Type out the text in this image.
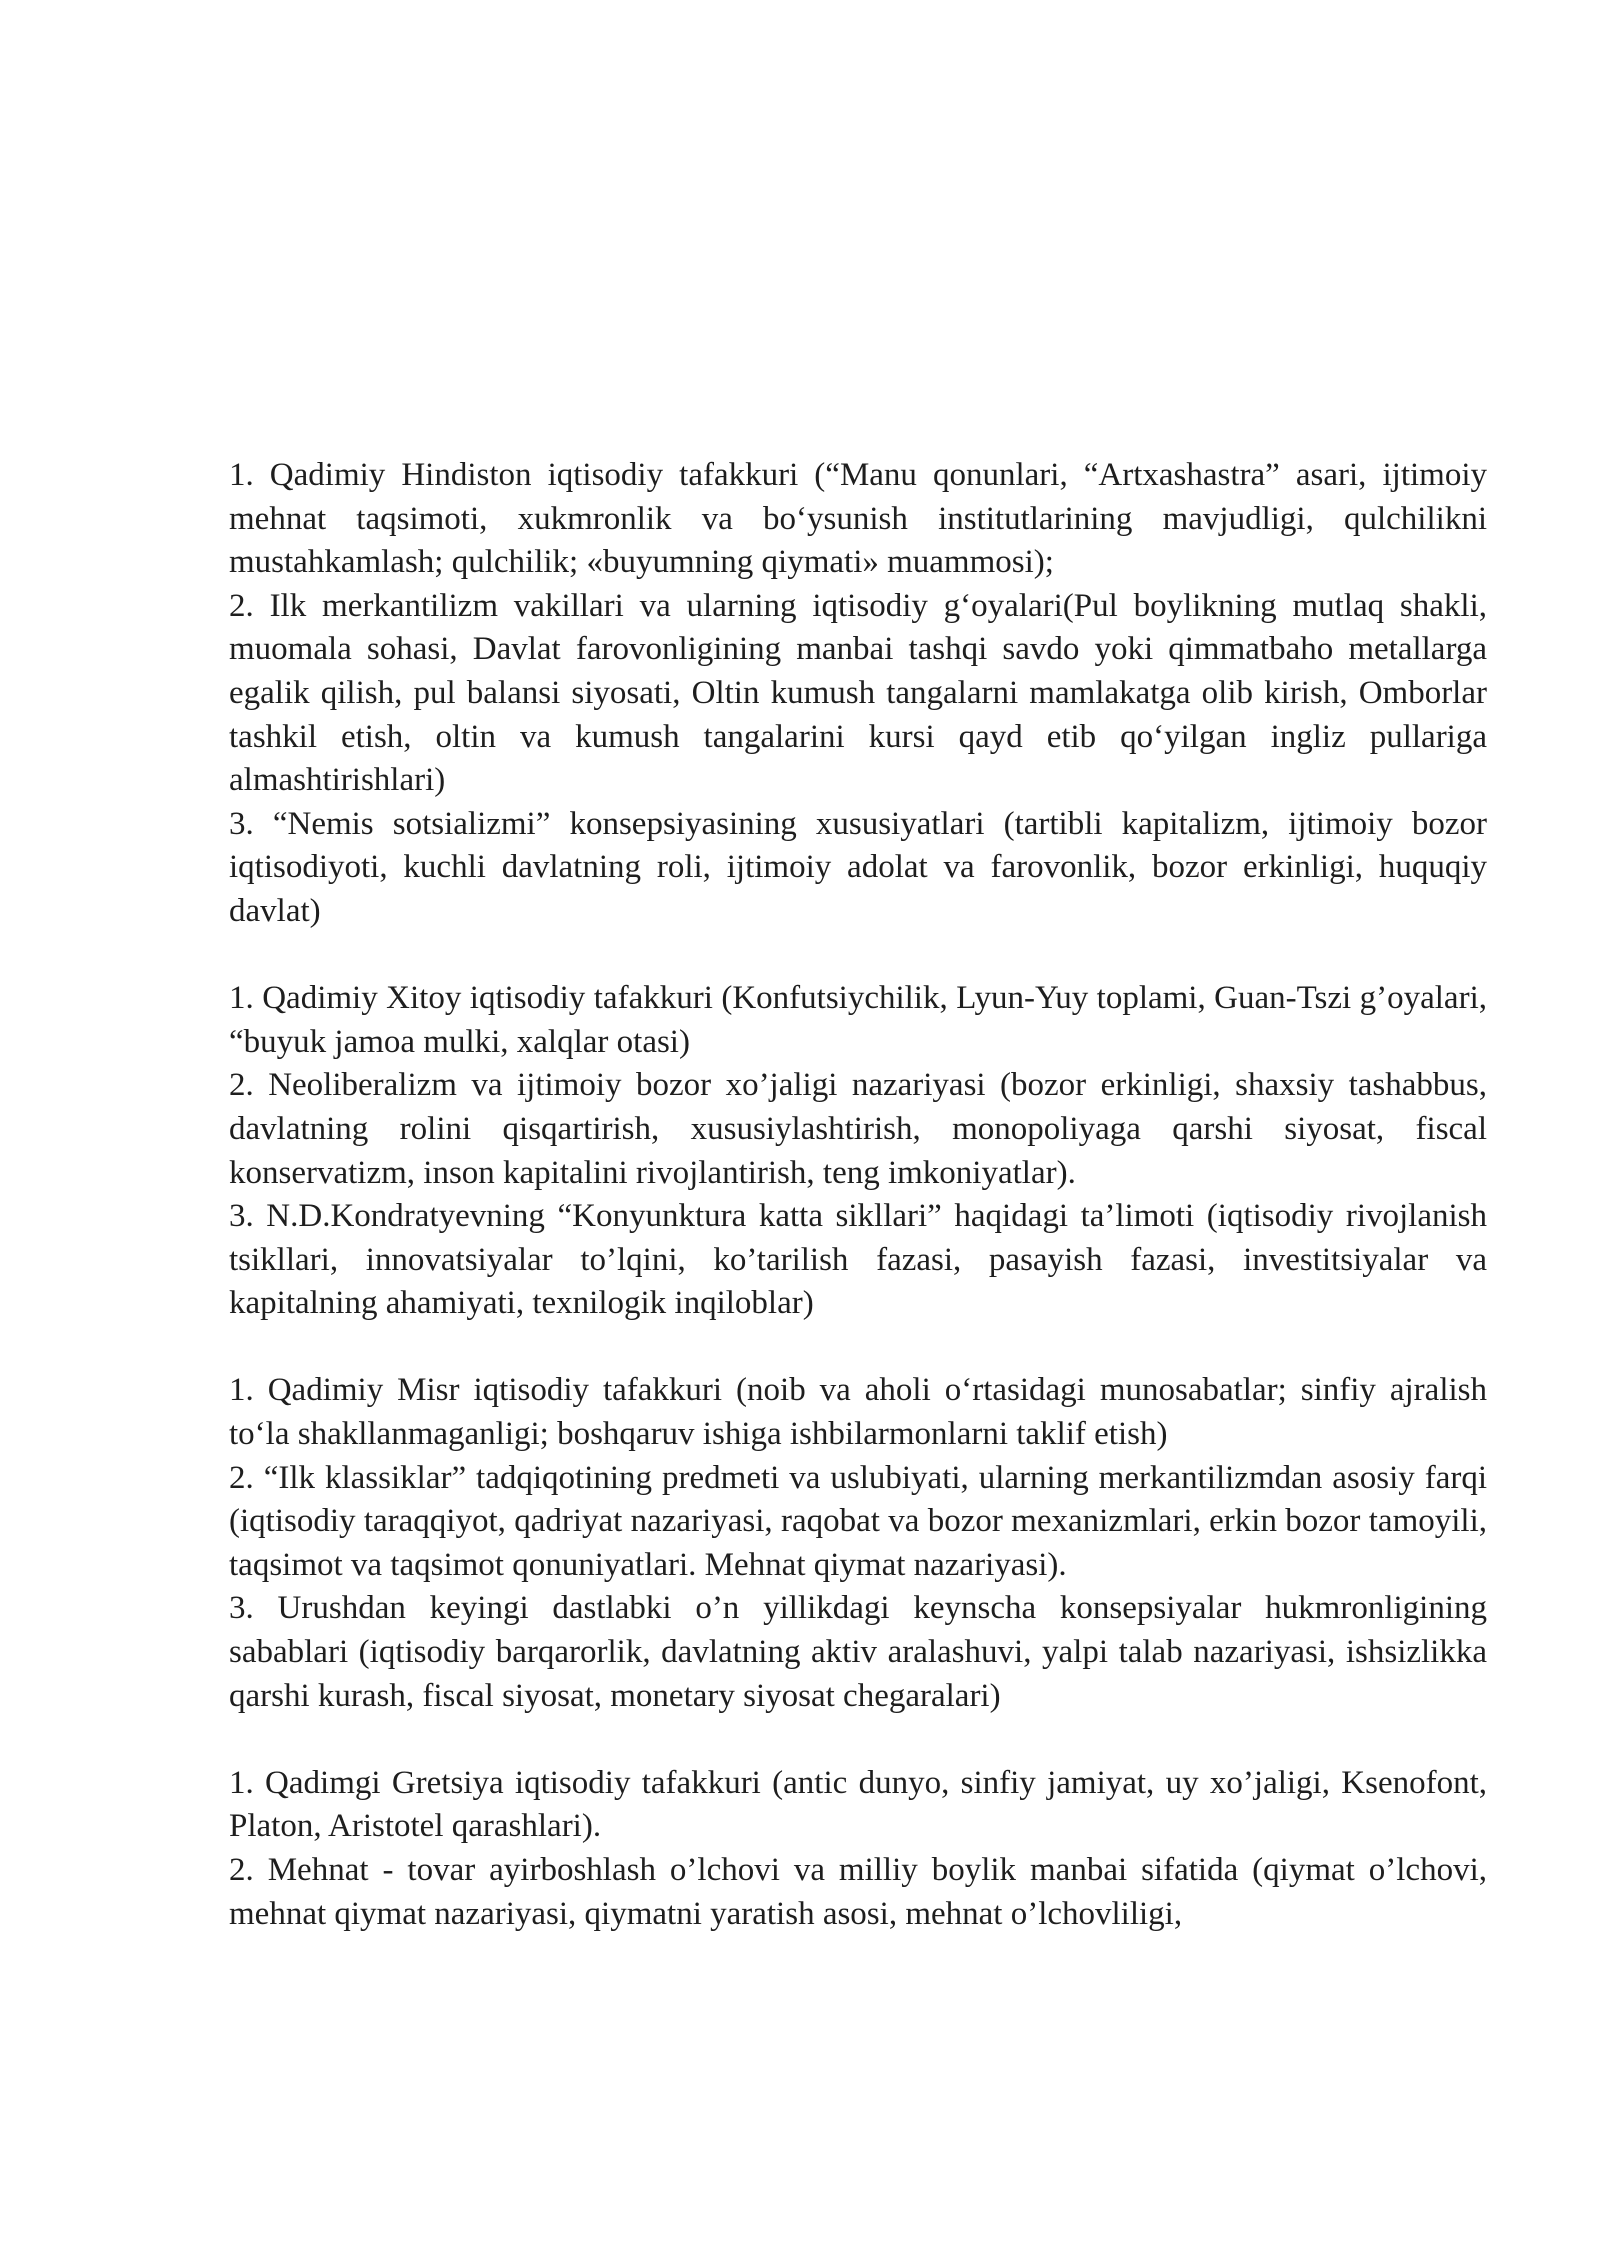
1. Qadimiy Hindiston iqtisodiy tafakkuri (“Manu qonunlari, “Artxashastra” asari, ijtimoiy mehnat taqsimoti, xukmronlik va bo‘ysunish institutlarining mavjudligi, qulchilikni mustahkamlash; qulchilik; «buyumning qiymati» muammosi);

2. Ilk merkantilizm vakillari va ularning iqtisodiy g‘oyalari(Pul boylikning mutlaq shakli, muomala sohasi, Davlat farovonligining manbai tashqi savdo yoki qimmatbaho metallarga egalik qilish, pul balansi siyosati, Oltin kumush tangalarni mamlakatga olib kirish, Omborlar tashkil etish, oltin va kumush tangalarini kursi qayd etib qo‘yilgan ingliz pullariga almashtirishlari)

3. “Nemis sotsializmi” konsepsiyasining xususiyatlari (tartibli kapitalizm, ijtimoiy bozor iqtisodiyoti, kuchli davlatning roli, ijtimoiy adolat va farovonlik, bozor erkinligi, huquqiy davlat)

1. Qadimiy Xitoy iqtisodiy tafakkuri (Konfutsiychilik, Lyun-Yuy toplami, Guan-Tszi g’oyalari, “buyuk jamoa mulki, xalqlar otasi)

2. Neoliberalizm va ijtimoiy bozor xo’jaligi nazariyasi (bozor erkinligi, shaxsiy tashabbus, davlatning rolini qisqartirish, xususiylashtirish, monopoliyaga qarshi siyosat, fiscal konservatizm, inson kapitalini rivojlantirish, teng imkoniyatlar).

3. N.D.Kondratyevning “Konyunktura katta sikllari” haqidagi ta’limoti (iqtisodiy rivojlanish tsikllari, innovatsiyalar to’lqini, ko’tarilish fazasi, pasayish fazasi, investitsiyalar va kapitalning ahamiyati, texnilogik inqiloblar)

1. Qadimiy Misr iqtisodiy tafakkuri (noib va aholi o‘rtasidagi munosabatlar; sinfiy ajralish to‘la shakllanmaganligi; boshqaruv ishiga ishbilarmonlarni taklif etish)

2. “Ilk klassiklar” tadqiqotining predmeti va uslubiyati, ularning merkantilizmdan asosiy farqi (iqtisodiy taraqqiyot, qadriyat nazariyasi, raqobat va bozor mexanizmlari, erkin bozor tamoyili, taqsimot va taqsimot qonuniyatlari. Mehnat qiymat nazariyasi).

3. Urushdan keyingi dastlabki o’n yillikdagi keynscha konsepsiyalar hukmronligining sabablari (iqtisodiy barqarorlik, davlatning aktiv aralashuvi, yalpi talab nazariyasi, ishsizlikka qarshi kurash, fiscal siyosat, monetary siyosat chegaralari)

1. Qadimgi Gretsiya iqtisodiy tafakkuri (antic dunyo, sinfiy jamiyat, uy xo’jaligi, Ksenofont, Platon, Aristotel qarashlari).

2. Mehnat - tovar ayirboshlash o’lchovi va milliy boylik manbai sifatida (qiymat o’lchovi, mehnat qiymat nazariyasi, qiymatni yaratish asosi, mehnat o’lchovliligi,
